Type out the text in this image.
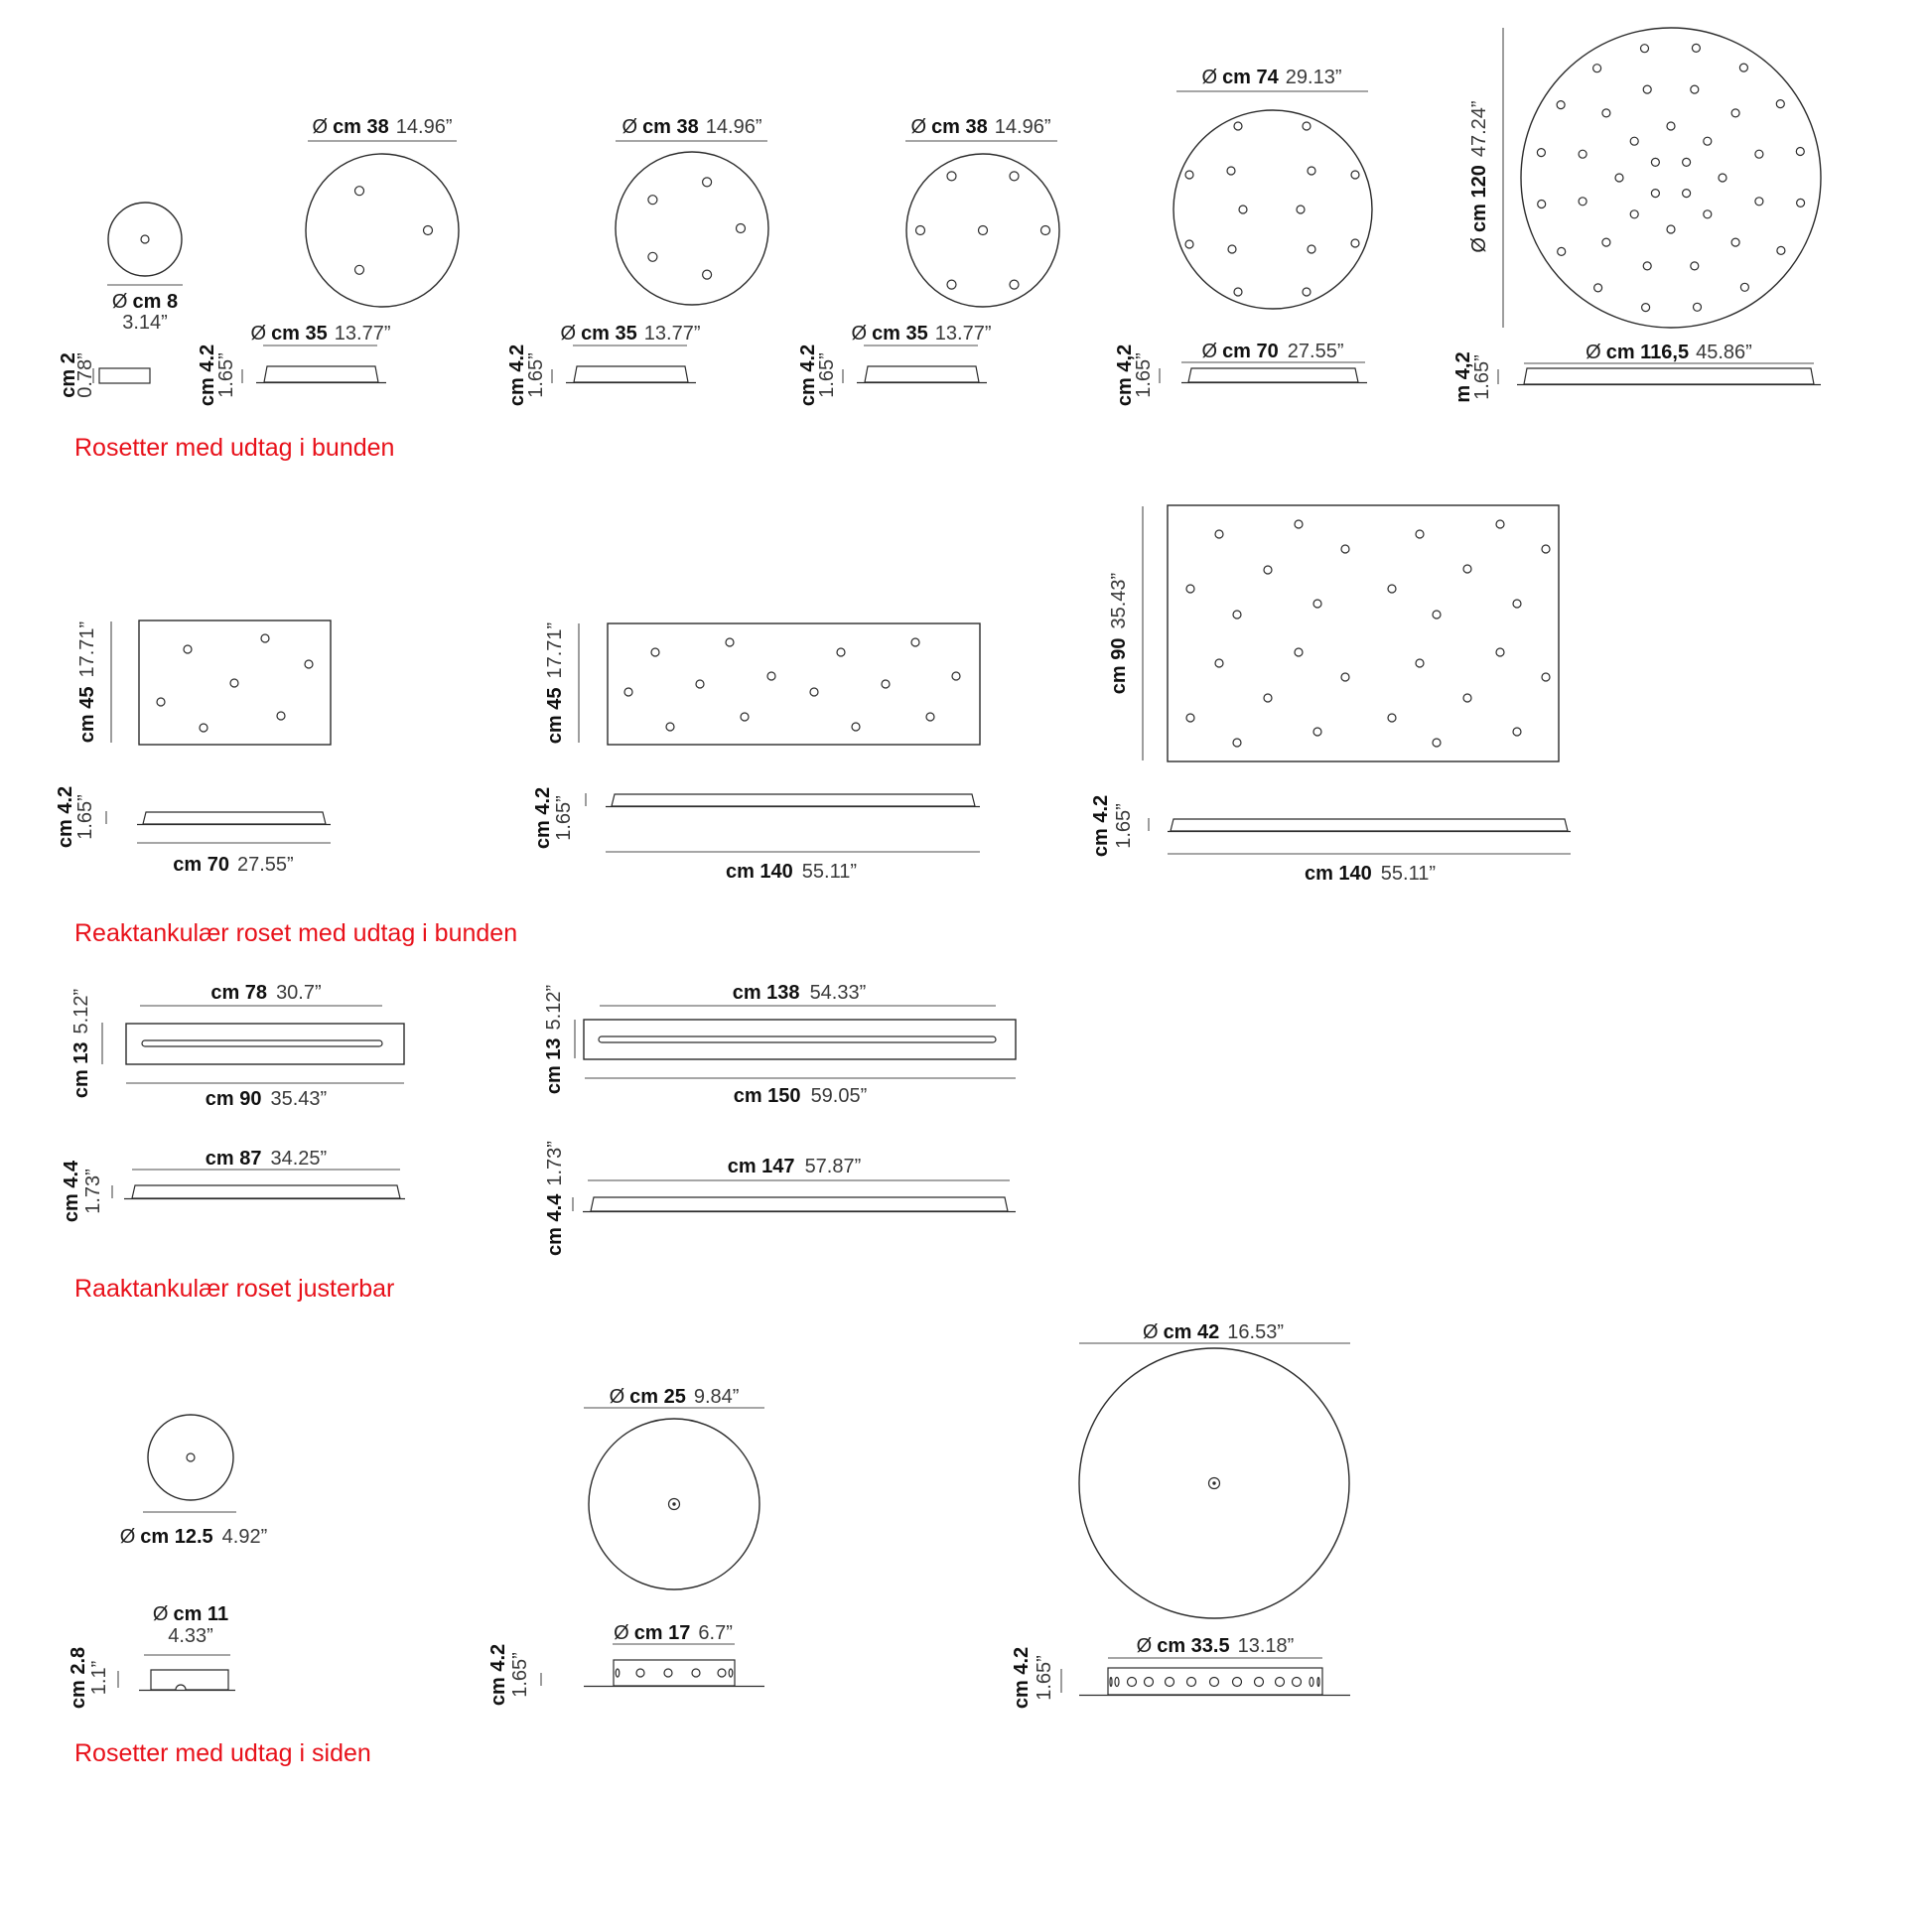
Ø cm 8
3.14”
cm 2
0.78”
Ø cm 38 14.96”
Ø cm 35 13.77”
cm 4.2
1.65”
Ø cm 38 14.96”
Ø cm 35 13.77”
cm 4.2
1.65”
Ø cm 38 14.96”
Ø cm 35 13.77”
cm 4.2
1.65”
Ø cm 74 29.13”
Ø cm 70 27.55”
cm 4,2
1.65”
Øcm 12047.24”
Ø cm 116,5 45.86”
m 4,2
1.65”
Rosetter med udtag i bunden
cm 4517.71”
cm 4.2
1.65”
cm 70 27.55”
cm 4517.71”
cm 4.2 1.65”
cm 140 55.11”
cm 9035.43”
cm 4.2 1.65”
cm 140 55.11”
Reaktankulær roset med udtag i bunden
cm 78 30.7”
cm 135.12”
cm 90 35.43”
cm 87 34.25”
cm 4.4 1.73”
cm 138 54.33”
cm 135.12”
cm 150 59.05”
cm 147 57.87”
cm 4.41.73”
Raaktankulær roset justerbar
Ø cm 12.5 4.92”
Ø cm 11
4.33”
cm 2.8 1.1”
Ø cm 25 9.84”
Ø cm 17 6.7”
cm 4.2 1.65”
Ø cm 42 16.53”
Ø cm 33.5 13.18”
cm 4.2 1.65”
Rosetter med udtag i siden
